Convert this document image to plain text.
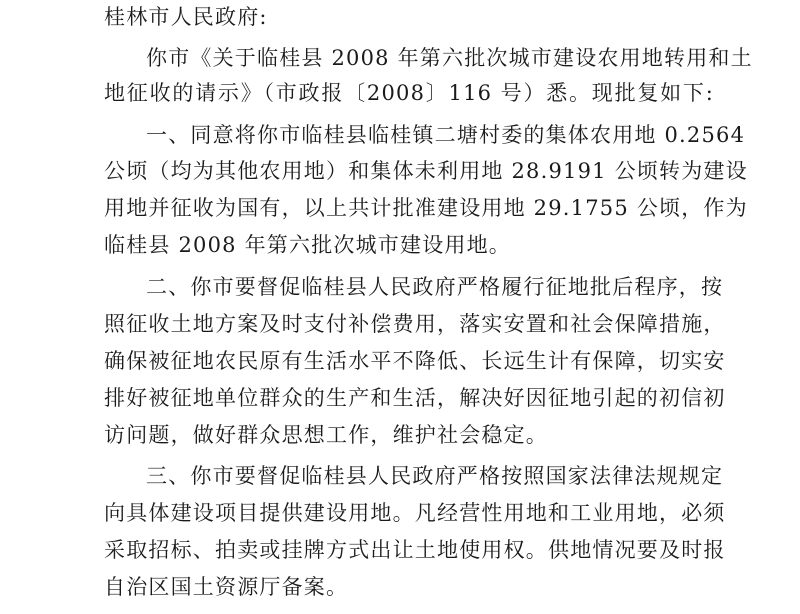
桂林市人民政府:
你市《关于临桂县 2008 年第六批次城市建设农用地转用和土
地征收的请示》（市政报〔2008〕116 号）悉。现批复如下:
一、同意将你市临桂县临桂镇二塘村委的集体农用地 0.2564
公顷（均为其他农用地）和集体未利用地 28.9191 公顷转为建设
用地并征收为国有，以上共计批准建设用地 29.1755 公顷，作为
临桂县 2008 年第六批次城市建设用地。
二、你市要督促临桂县人民政府严格履行征地批后程序，按
照征收土地方案及时支付补偿费用，落实安置和社会保障措施，
确保被征地农民原有生活水平不降低、长远生计有保障，切实安
排好被征地单位群众的生产和生活，解决好因征地引起的初信初
访问题，做好群众思想工作，维护社会稳定。
三、你市要督促临桂县人民政府严格按照国家法律法规规定
向具体建设项目提供建设用地。凡经营性用地和工业用地，必须
采取招标、拍卖或挂牌方式出让土地使用权。供地情况要及时报
自治区国土资源厅备案。
